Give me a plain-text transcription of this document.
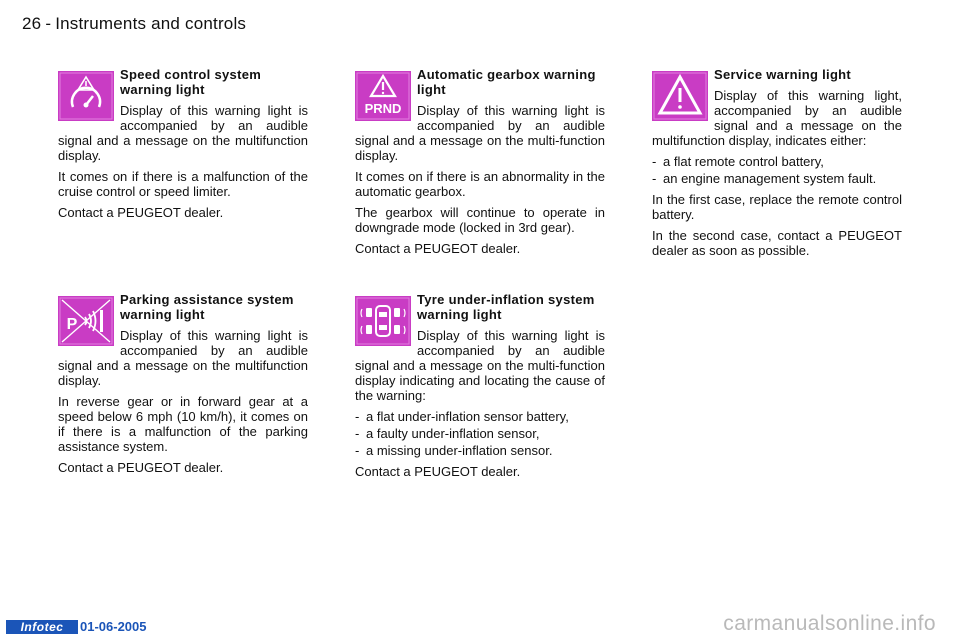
26 - Instruments and controls
Speed control system warning light

Display of this warning light is accompanied by an audible signal and a message on the multifunction display.

It comes on if there is a malfunction of the cruise control or speed limiter.

Contact a PEUGEOT dealer.

PRND
Automatic gearbox warning light

Display of this warning light is accompanied by an audible signal and a message on the multi-function display.

It comes on if there is an abnormality in the automatic gearbox.

The gearbox will continue to operate in downgrade mode (locked in 3rd gear).

Contact a PEUGEOT dealer.

Service warning light

Display of this warning light, accompanied by an audible signal and a message on the multifunction display, indicates either:

- a flat remote control battery,
- an engine management system fault.

In the first case, replace the remote control battery.

In the second case, contact a PEUGEOT dealer as soon as possible.

P
Parking assistance system warning light

Display of this warning light is accompanied by an audible signal and a message on the multifunction display.

In reverse gear or in forward gear at a speed below 6 mph (10 km/h), it comes on if there is a malfunction of the parking assistance system.

Contact a PEUGEOT dealer.

Tyre under-inflation system warning light

Display of this warning light is accompanied by an audible signal and a message on the multi-function display indicating and locating the cause of the warning:

- a flat under-inflation sensor battery,
- a faulty under-inflation sensor,
- a missing under-inflation sensor.

Contact a PEUGEOT dealer.

Infotec	01-06-2005	carmanualsonline.info
